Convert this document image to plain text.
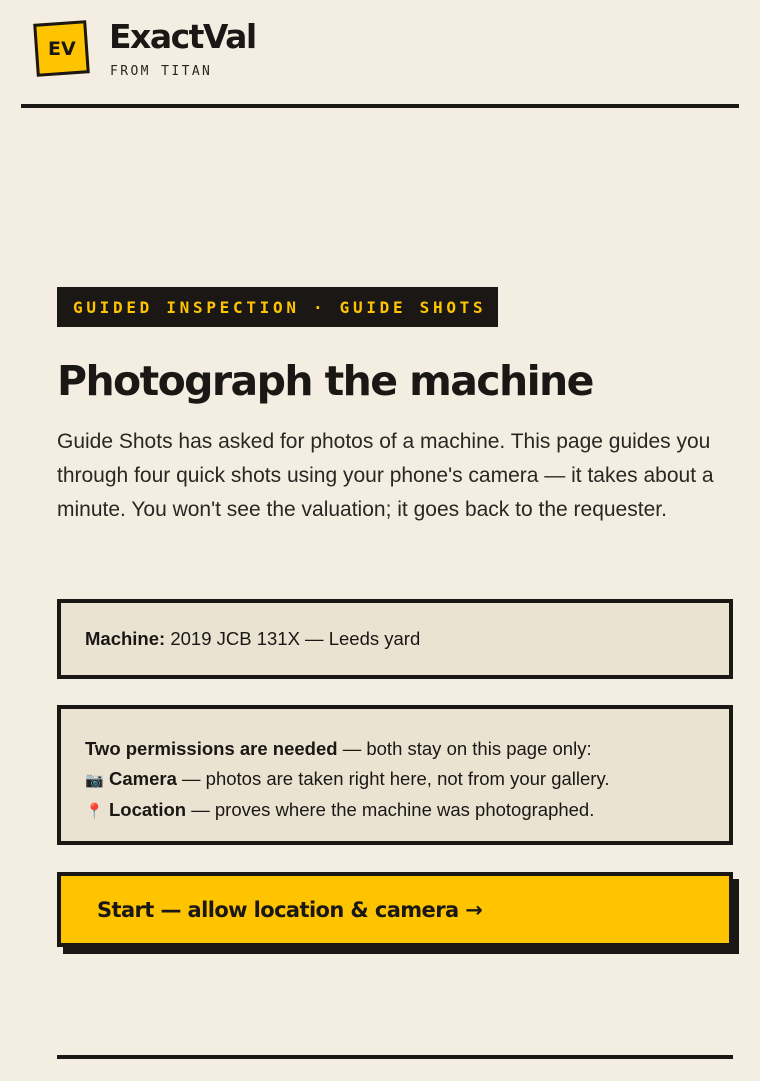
EV ExactVal
FROM TITAN
GUIDED INSPECTION · GUIDE SHOTS
Photograph the machine

Guide Shots has asked for photos of a machine. This page guides you through four quick shots using your phone's camera — it takes about a minute. You won't see the valuation; it goes back to the requester.

Machine: 2019 JCB 131X — Leeds yard
Two permissions are needed — both stay on this page only:
📷 Camera — photos are taken right here, not from your gallery.
📍 Location — proves where the machine was photographed.
Start — allow location & camera →
